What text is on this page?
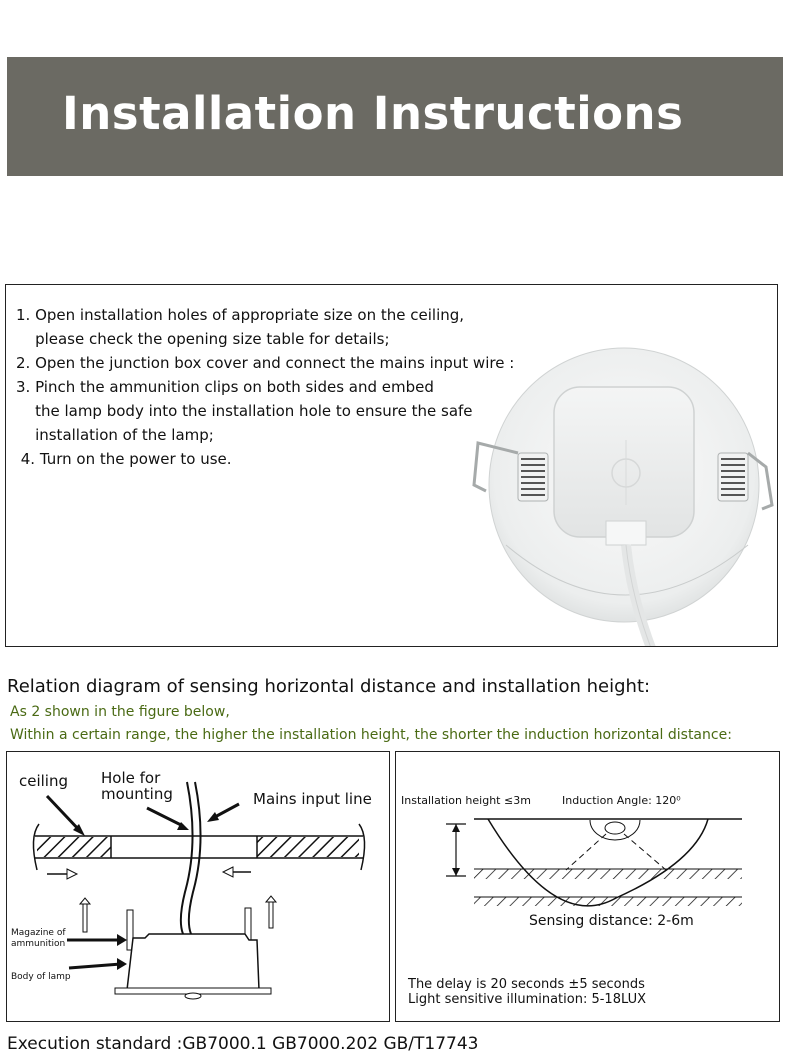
Installation Instructions
1. Open installation holes of appropriate size on the ceiling,
please check the opening size table for details;
2. Open the junction box cover and connect the mains input wire :
3. Pinch the ammunition clips on both sides and embed
the lamp body into the installation hole to ensure the safe
installation of the lamp;
4. Turn on the power to use.
Relation diagram of sensing horizontal distance and installation height:

As 2 shown in the figure below,

Within a certain range, the higher the installation height, the shorter the induction horizontal distance:

ceiling Hole for mounting	Mains input line

Magazine of ammunition

Body of lamp

Installation height ≤3m	Induction Angle: 120⁰

Sensing distance: 2-6m

The delay is 20 seconds ±5 seconds

Light sensitive illumination: 5-18LUX

Execution standard :GB7000.1 GB7000.202 GB/T17743
